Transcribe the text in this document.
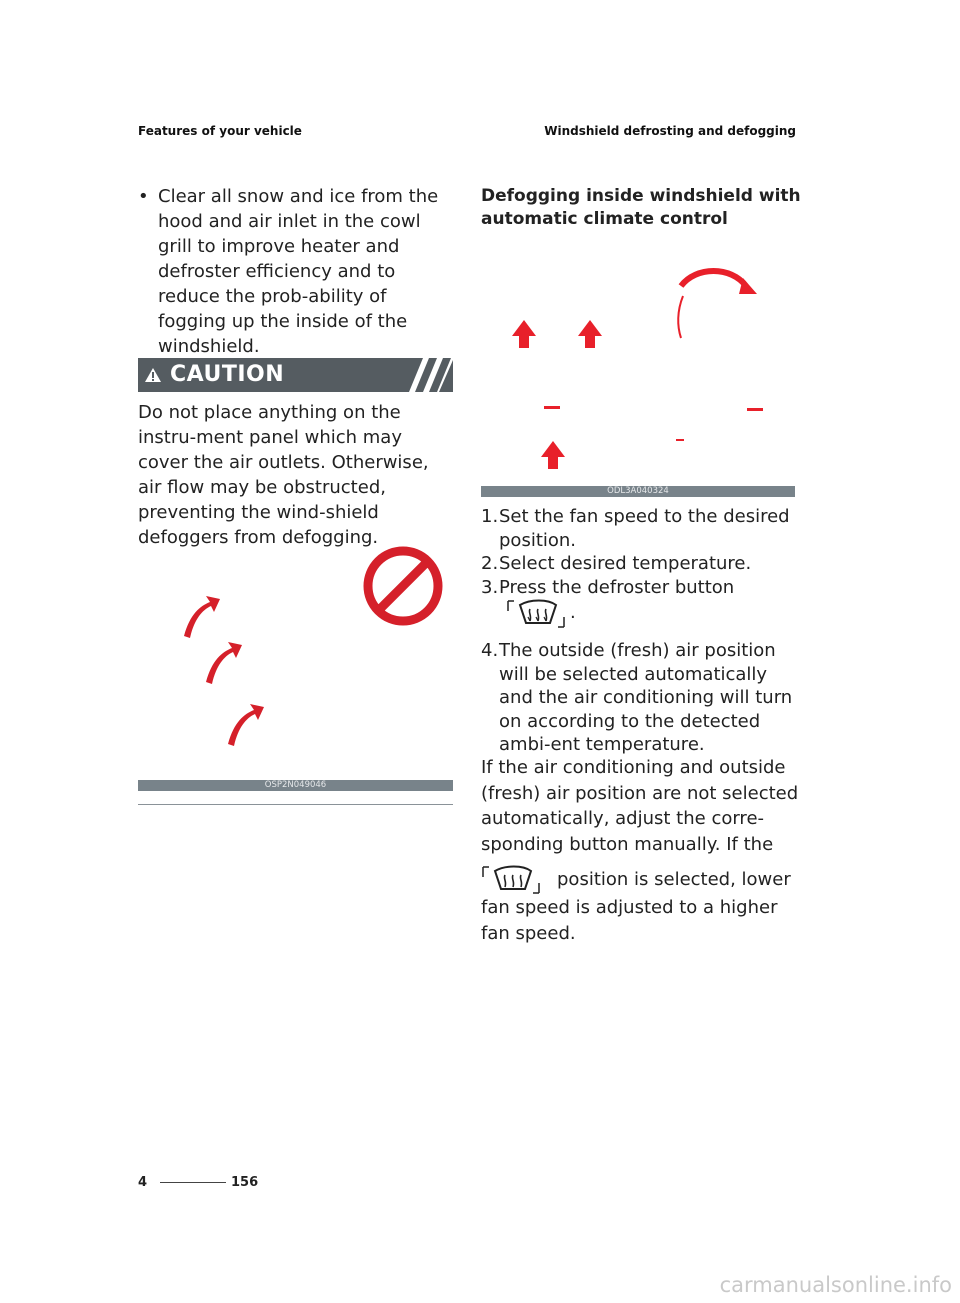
Features of your vehicle	Windshield defrosting and defogging
• Clear all snow and ice from the hood and air inlet in the cowl grill to improve heater and defroster efficiency and to reduce the prob-ability of fogging up the inside of the windshield.
CAUTION
Do not place anything on the instru-ment panel which may cover the air outlets. Otherwise, air flow may be obstructed, preventing the wind-shield defoggers from defogging.
OSP2N049046
Defogging inside windshield with automatic climate control
ODL3A040324
1. Set the fan speed to the desired position.
2. Select desired temperature.
3. Press the defroster button
.
4. The outside (fresh) air position will be selected automatically and the air conditioning will turn on according to the detected ambi-ent temperature.
If the air conditioning and outside (fresh) air position are not selected automatically, adjust the corre-sponding button manually. If the
position is selected, lower fan speed is adjusted to a higher fan speed.
4	156
carmanualsonline.info
